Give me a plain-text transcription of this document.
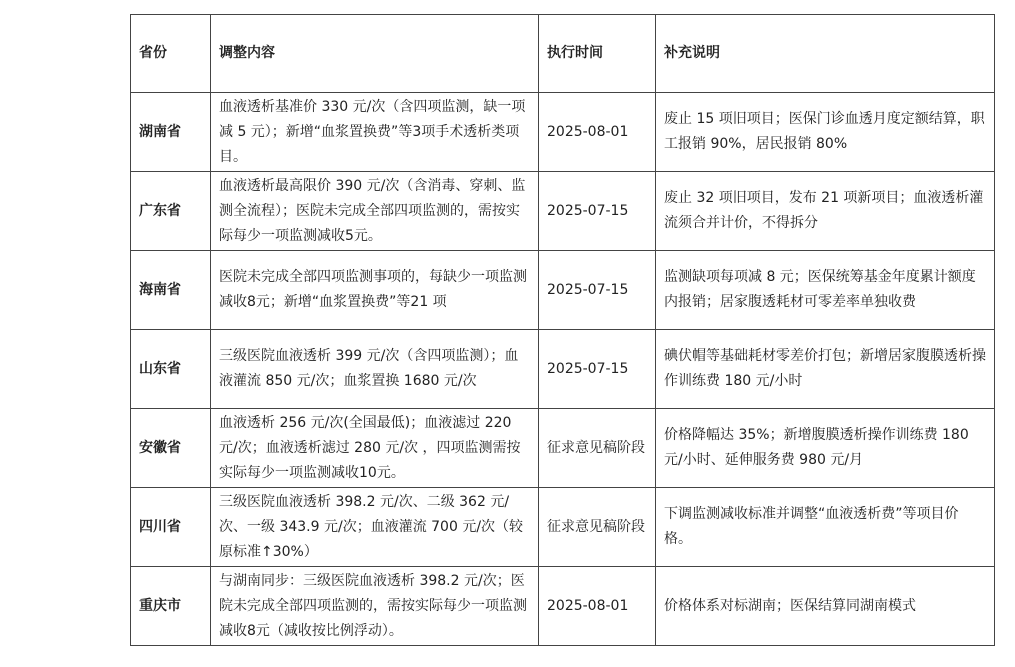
省份	调整内容	执行时间	补充说明
湖南省	血液透析基准价 330 元/次（含四项监测，缺一项减 5 元）；新增“血浆置换费”等3项手术透析类项目。	2025-08-01	废止 15 项旧项目；医保门诊血透月度定额结算，职工报销 90%，居民报销 80%
广东省	血液透析最高限价 390 元/次（含消毒、穿刺、监测全流程）；医院未完成全部四项监测的，需按实际每少一项监测减收5元。	2025-07-15	废止 32 项旧项目，发布 21 项新项目；血液透析灌流须合并计价，不得拆分
海南省	医院未完成全部四项监测事项的，每缺少一项监测减收8元；新增“血浆置换费”等21 项	2025-07-15	监测缺项每项减 8 元；医保统筹基金年度累计额度内报销；居家腹透耗材可零差率单独收费
山东省	三级医院血液透析 399 元/次（含四项监测）；血液灌流 850 元/次；血浆置换 1680 元/次	2025-07-15	碘伏帽等基础耗材零差价打包；新增居家腹膜透析操作训练费 180 元/小时
安徽省	血液透析 256 元/次(全国最低)；血液滤过 220 元/次；血液透析滤过 280 元/次 ，四项监测需按实际每少一项监测减收10元。	征求意见稿阶段	价格降幅达 35%；新增腹膜透析操作训练费 180 元/小时、延伸服务费 980 元/月
四川省	三级医院血液透析 398.2 元/次、二级 362 元/次、一级 343.9 元/次；血液灌流 700 元/次（较原标准↑30%）	征求意见稿阶段	下调监测减收标准并调整“血液透析费”等项目价格。
重庆市	与湖南同步：三级医院血液透析 398.2 元/次；医院未完成全部四项监测的，需按实际每少一项监测减收8元（减收按比例浮动）。	2025-08-01	价格体系对标湖南；医保结算同湖南模式
